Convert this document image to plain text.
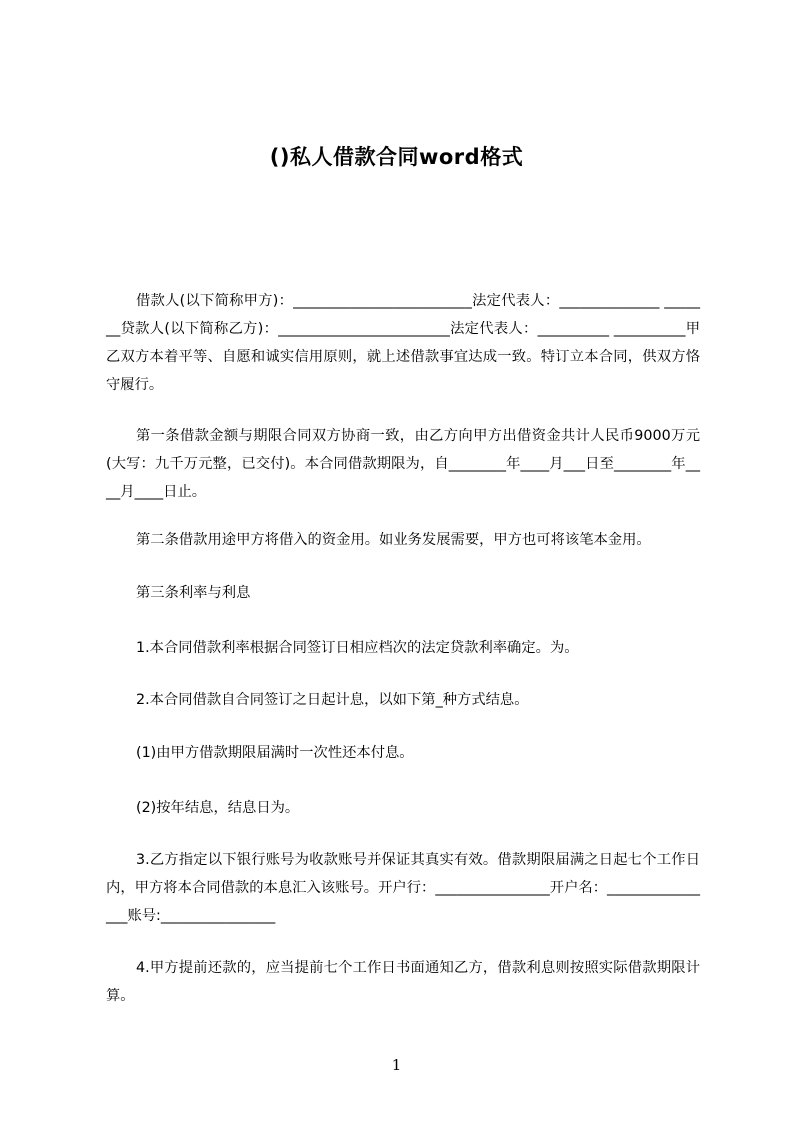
()私人借款合同word格式
借款人(以下简称甲方)：_________________________法定代表人：______________ _______贷款人(以下简称乙方)：________________________法定代表人：__________ __________甲乙双方本着平等、自愿和诚实信用原则，就上述借款事宜达成一致。特订立本合同，供双方恪守履行。
第一条借款金额与期限合同双方协商一致，由乙方向甲方出借资金共计人民币9000万元(大写：九千万元整，已交付)。本合同借款期限为，自________年____月___日至________年____月____日止。
第二条借款用途甲方将借入的资金用。如业务发展需要，甲方也可将该笔本金用。
第三条利率与利息
1.本合同借款利率根据合同签订日相应档次的法定贷款利率确定。为。
2.本合同借款自合同签订之日起计息，以如下第_种方式结息。
(1)由甲方借款期限届满时一次性还本付息。
(2)按年结息，结息日为。
3.乙方指定以下银行账号为收款账号并保证其真实有效。借款期限届满之日起七个工作日内，甲方将本合同借款的本息汇入该账号。开户行：________________开户名：________________账号:________________
4.甲方提前还款的，应当提前七个工作日书面通知乙方，借款利息则按照实际借款期限计算。
1
